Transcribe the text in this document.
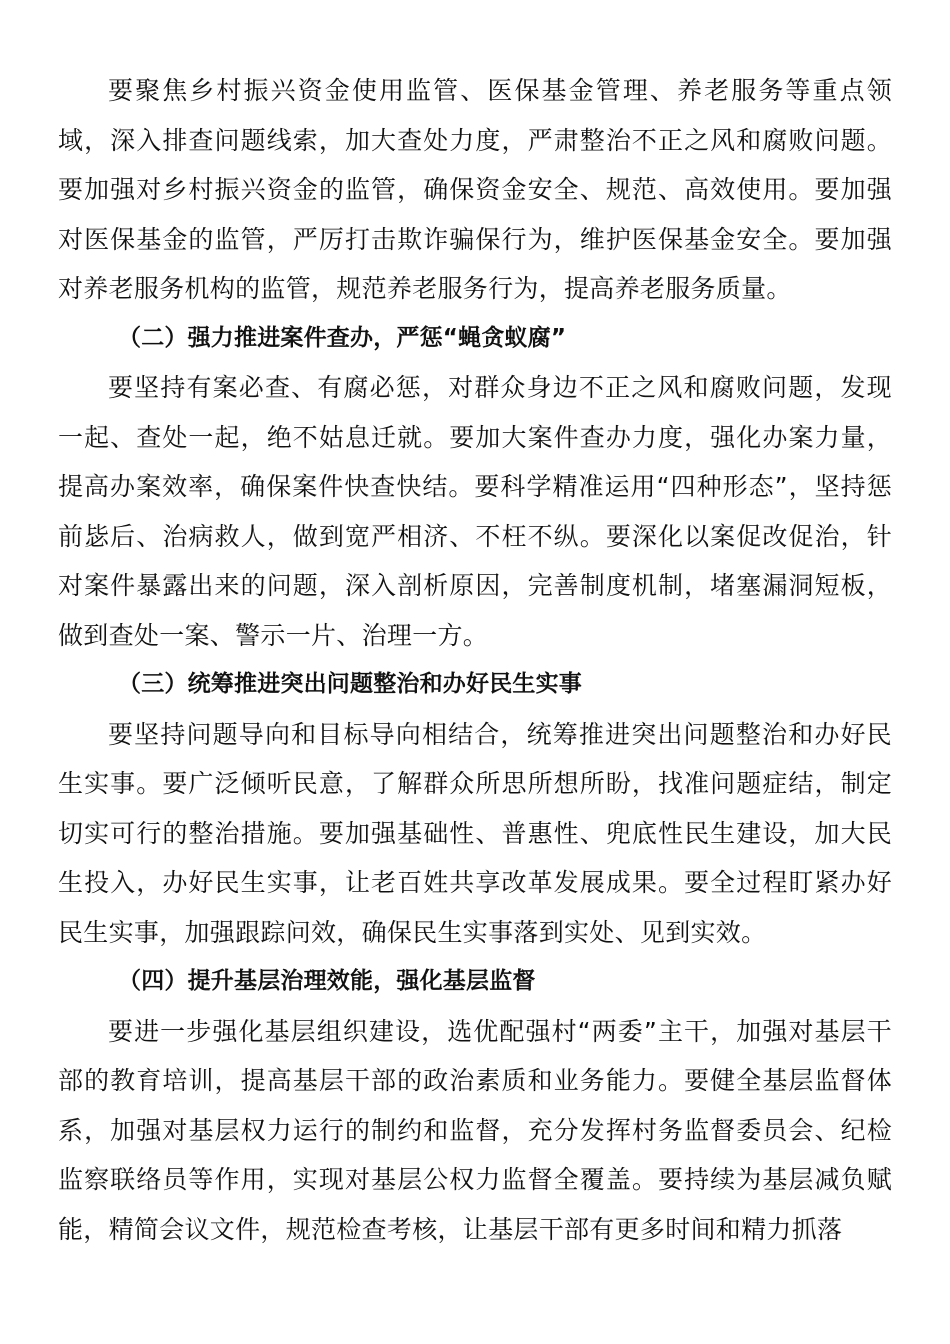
要聚焦乡村振兴资金使用监管、医保基金管理、养老服务等重点领域，深入排查问题线索，加大查处力度，严肃整治不正之风和腐败问题。要加强对乡村振兴资金的监管，确保资金安全、规范、高效使用。要加强对医保基金的监管，严厉打击欺诈骗保行为，维护医保基金安全。要加强对养老服务机构的监管，规范养老服务行为，提高养老服务质量。

（二）强力推进案件查办，严惩“蝇贪蚁腐”

要坚持有案必查、有腐必惩，对群众身边不正之风和腐败问题，发现一起、查处一起，绝不姑息迁就。要加大案件查办力度，强化办案力量，提高办案效率，确保案件快查快结。要科学精准运用“四种形态”，坚持惩前毖后、治病救人，做到宽严相济、不枉不纵。要深化以案促改促治，针对案件暴露出来的问题，深入剖析原因，完善制度机制，堵塞漏洞短板，做到查处一案、警示一片、治理一方。

（三）统筹推进突出问题整治和办好民生实事

要坚持问题导向和目标导向相结合，统筹推进突出问题整治和办好民生实事。要广泛倾听民意，了解群众所思所想所盼，找准问题症结，制定切实可行的整治措施。要加强基础性、普惠性、兜底性民生建设，加大民生投入，办好民生实事，让老百姓共享改革发展成果。要全过程盯紧办好民生实事，加强跟踪问效，确保民生实事落到实处、见到实效。

（四）提升基层治理效能，强化基层监督

要进一步强化基层组织建设，选优配强村“两委”主干，加强对基层干部的教育培训，提高基层干部的政治素质和业务能力。要健全基层监督体系，加强对基层权力运行的制约和监督，充分发挥村务监督委员会、纪检监察联络员等作用，实现对基层公权力监督全覆盖。要持续为基层减负赋能，精简会议文件，规范检查考核，让基层干部有更多时间和精力抓落
